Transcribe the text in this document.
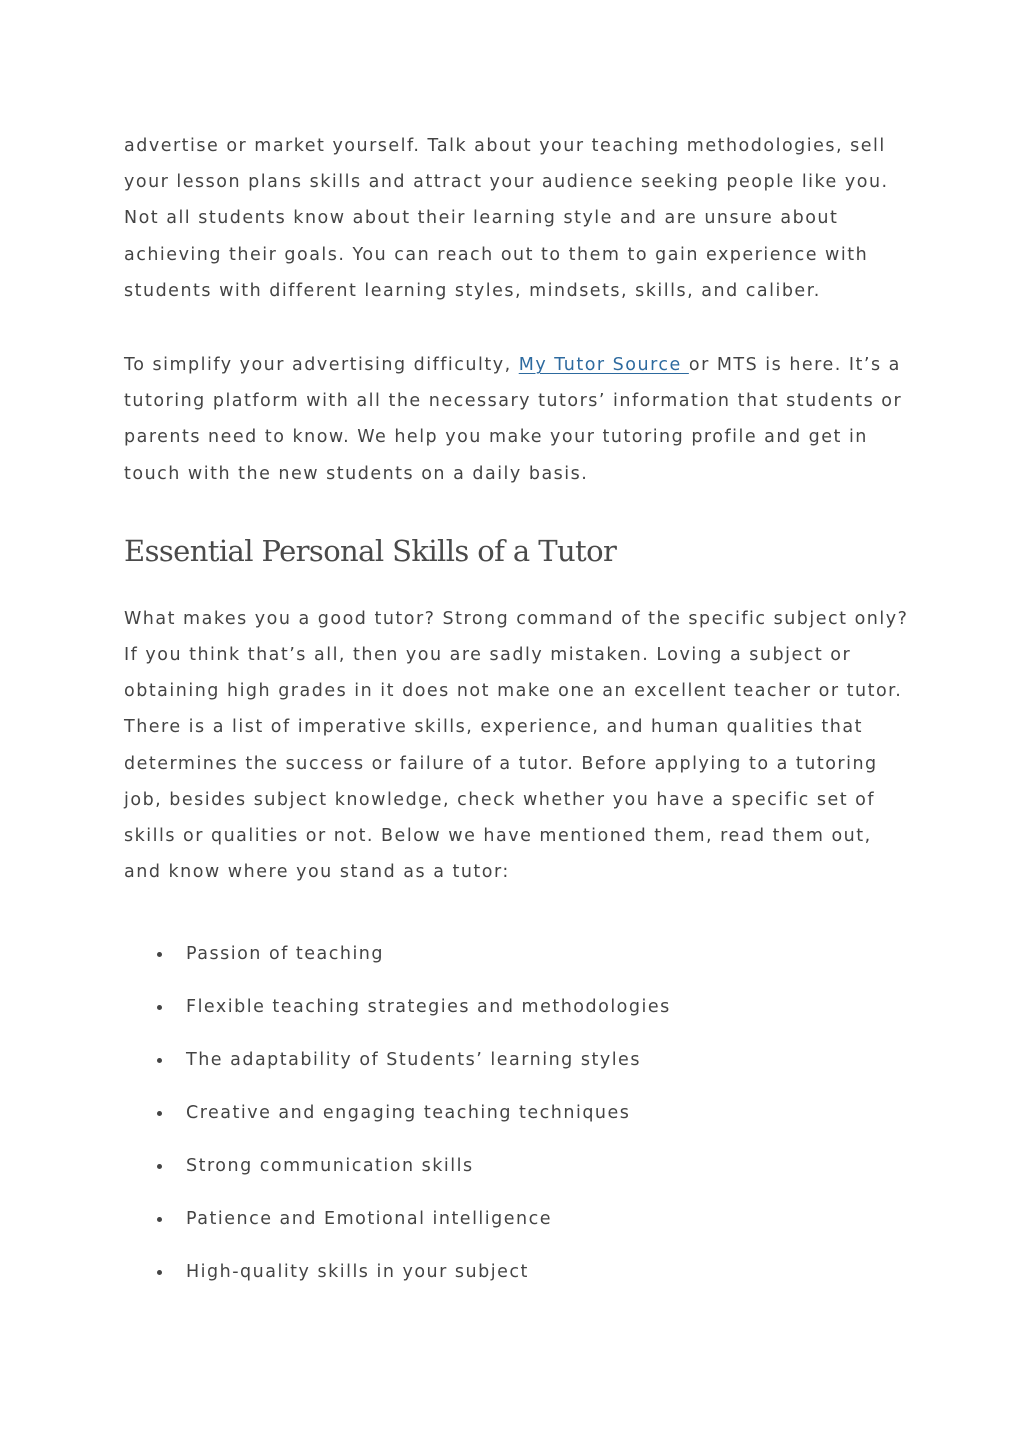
advertise or market yourself. Talk about your teaching methodologies, sell your lesson plans skills and attract your audience seeking people like you. Not all students know about their learning style and are unsure about achieving their goals. You can reach out to them to gain experience with students with different learning styles, mindsets, skills, and caliber.

To simplify your advertising difficulty, My Tutor Source or MTS is here. It’s a tutoring platform with all the necessary tutors’ information that students or parents need to know. We help you make your tutoring profile and get in touch with the new students on a daily basis.

Essential Personal Skills of a Tutor

What makes you a good tutor? Strong command of the specific subject only? If you think that’s all, then you are sadly mistaken. Loving a subject or obtaining high grades in it does not make one an excellent teacher or tutor. There is a list of imperative skills, experience, and human qualities that determines the success or failure of a tutor. Before applying to a tutoring job, besides subject knowledge, check whether you have a specific set of skills or qualities or not. Below we have mentioned them, read them out, and know where you stand as a tutor:

Passion of teaching
Flexible teaching strategies and methodologies
The adaptability of Students’ learning styles
Creative and engaging teaching techniques
Strong communication skills
Patience and Emotional intelligence
High-quality skills in your subject
